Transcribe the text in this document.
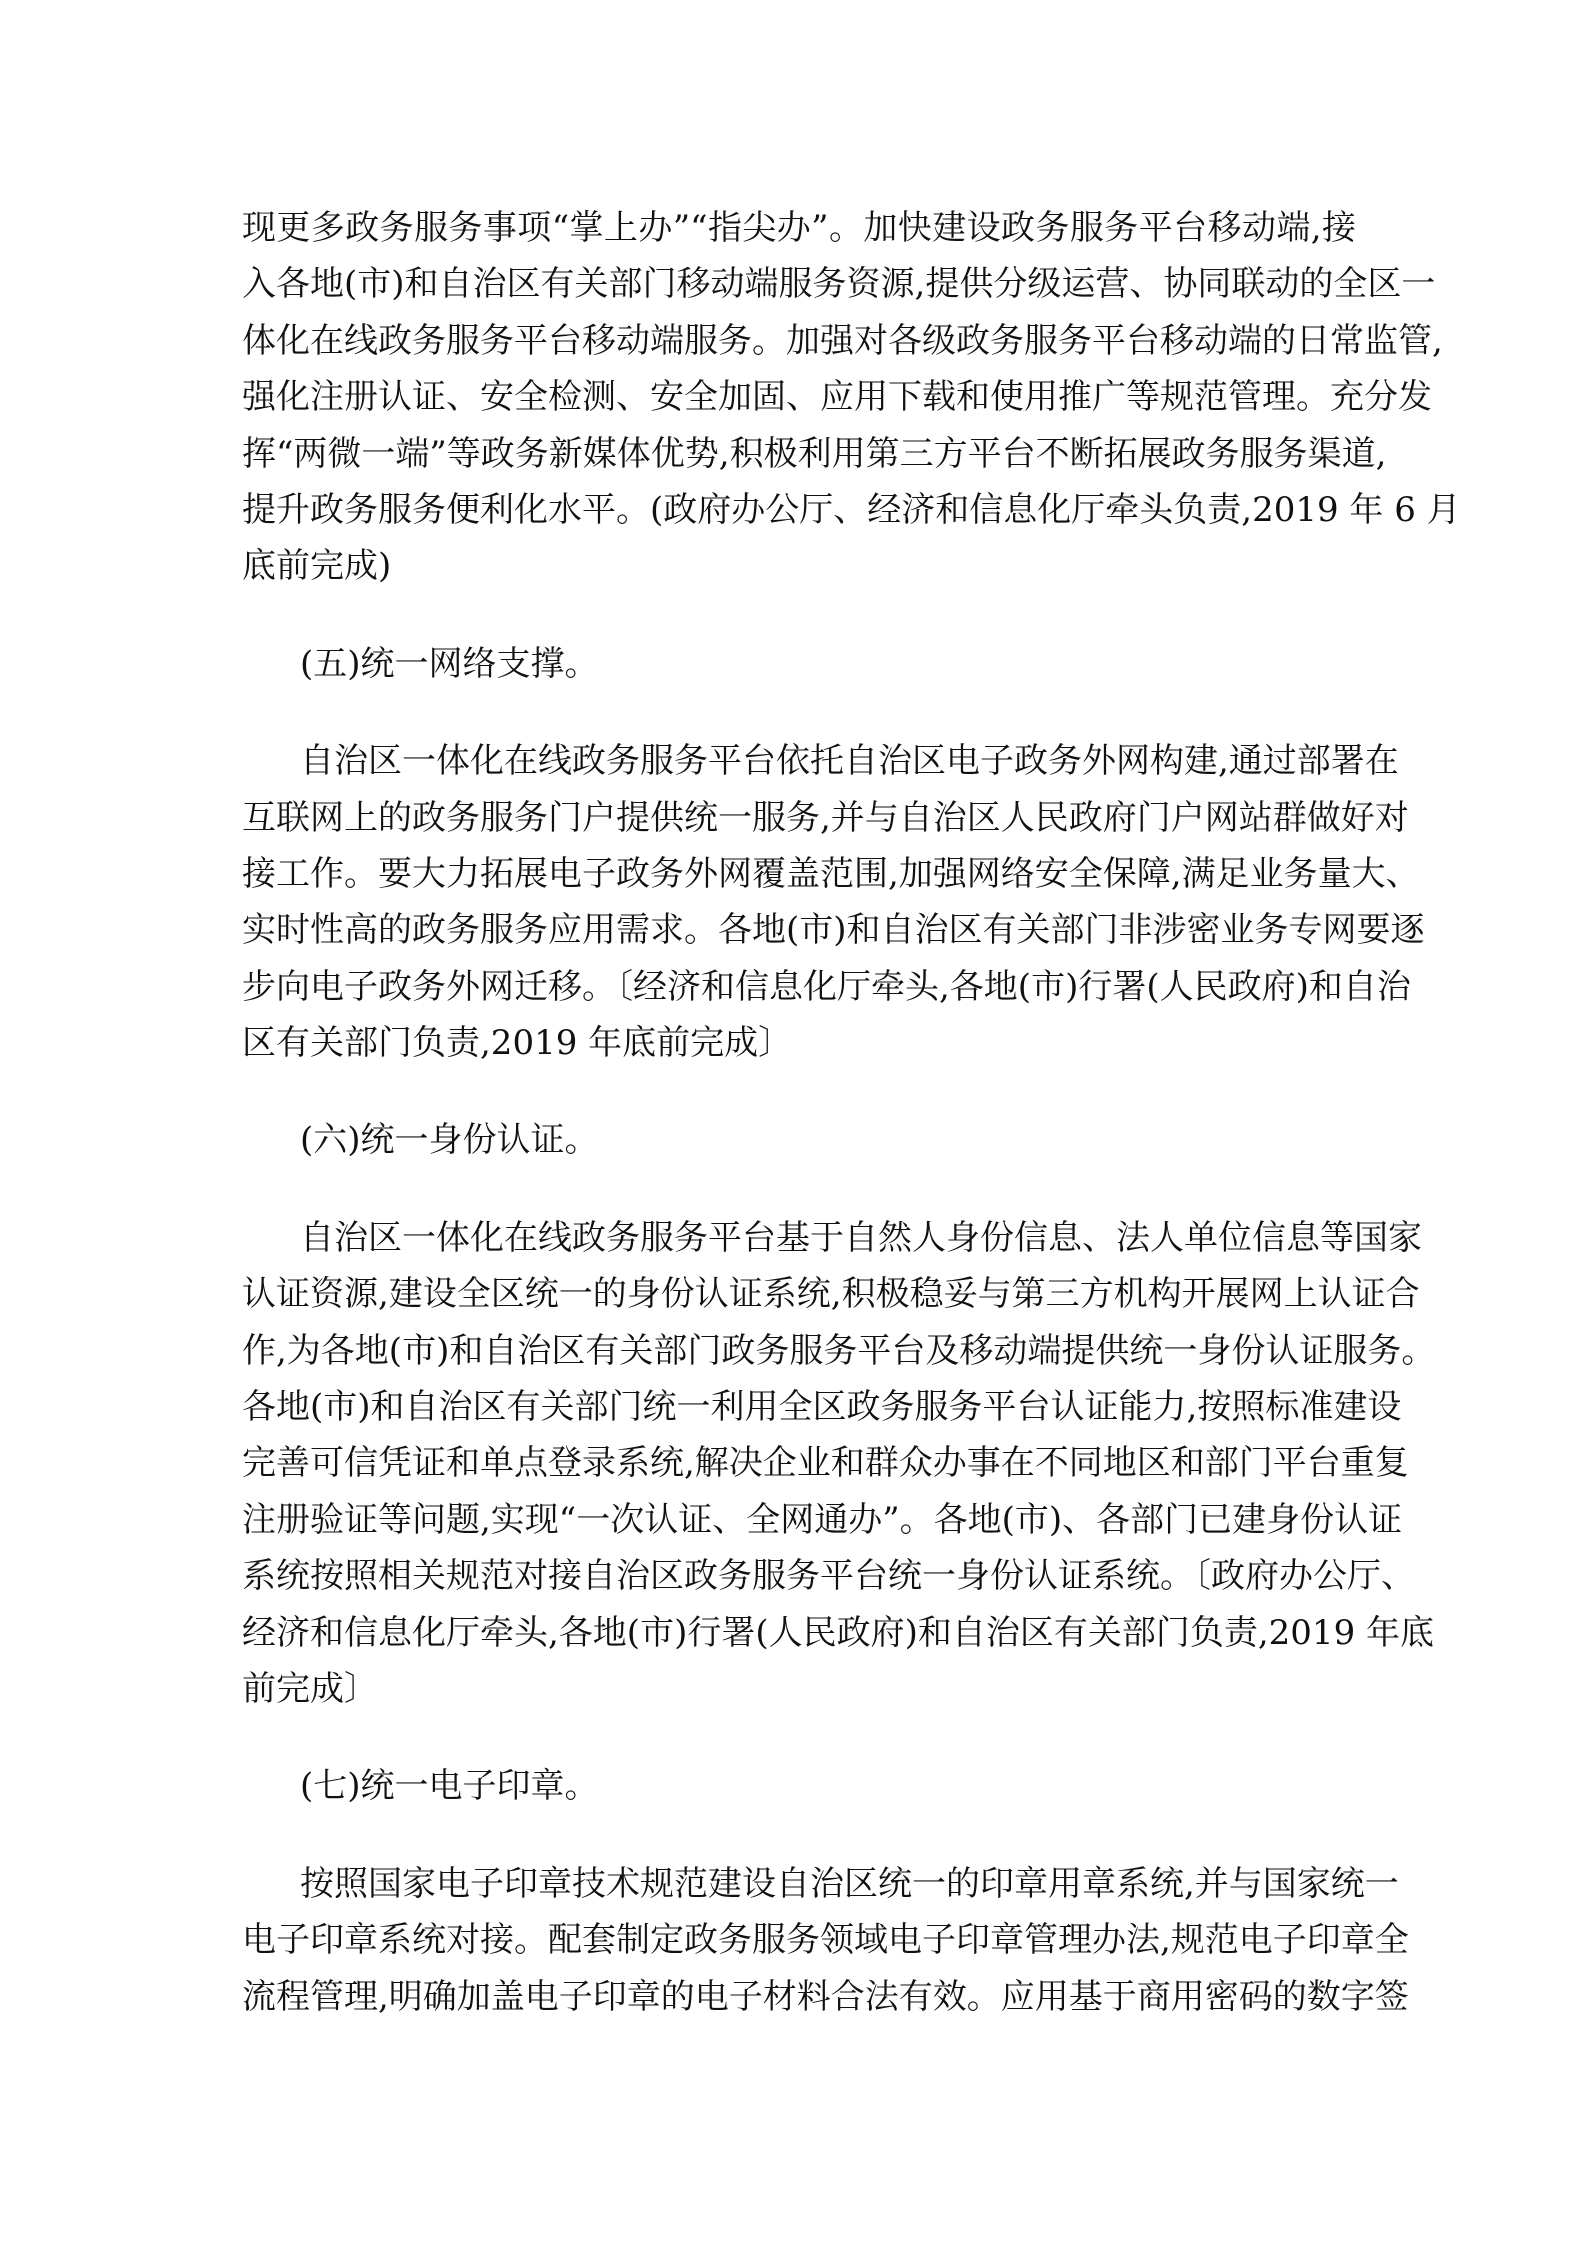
现更多政务服务事项“掌上办”“指尖办”。加快建设政务服务平台移动端,接
入各地(市)和自治区有关部门移动端服务资源,提供分级运营、协同联动的全区一
体化在线政务服务平台移动端服务。加强对各级政务服务平台移动端的日常监管,
强化注册认证、安全检测、安全加固、应用下载和使用推广等规范管理。充分发
挥“两微一端”等政务新媒体优势,积极利用第三方平台不断拓展政务服务渠道,
提升政务服务便利化水平。(政府办公厅、经济和信息化厅牵头负责,2019 年 6 月
底前完成)
(五)统一网络支撑。
自治区一体化在线政务服务平台依托自治区电子政务外网构建,通过部署在
互联网上的政务服务门户提供统一服务,并与自治区人民政府门户网站群做好对
接工作。要大力拓展电子政务外网覆盖范围,加强网络安全保障,满足业务量大、
实时性高的政务服务应用需求。各地(市)和自治区有关部门非涉密业务专网要逐
步向电子政务外网迁移。〔经济和信息化厅牵头,各地(市)行署(人民政府)和自治
区有关部门负责,2019 年底前完成〕
(六)统一身份认证。
自治区一体化在线政务服务平台基于自然人身份信息、法人单位信息等国家
认证资源,建设全区统一的身份认证系统,积极稳妥与第三方机构开展网上认证合
作,为各地(市)和自治区有关部门政务服务平台及移动端提供统一身份认证服务。
各地(市)和自治区有关部门统一利用全区政务服务平台认证能力,按照标准建设
完善可信凭证和单点登录系统,解决企业和群众办事在不同地区和部门平台重复
注册验证等问题,实现“一次认证、全网通办”。各地(市)、各部门已建身份认证
系统按照相关规范对接自治区政务服务平台统一身份认证系统。〔政府办公厅、
经济和信息化厅牵头,各地(市)行署(人民政府)和自治区有关部门负责,2019 年底
前完成〕
(七)统一电子印章。
按照国家电子印章技术规范建设自治区统一的印章用章系统,并与国家统一
电子印章系统对接。配套制定政务服务领域电子印章管理办法,规范电子印章全
流程管理,明确加盖电子印章的电子材料合法有效。应用基于商用密码的数字签
